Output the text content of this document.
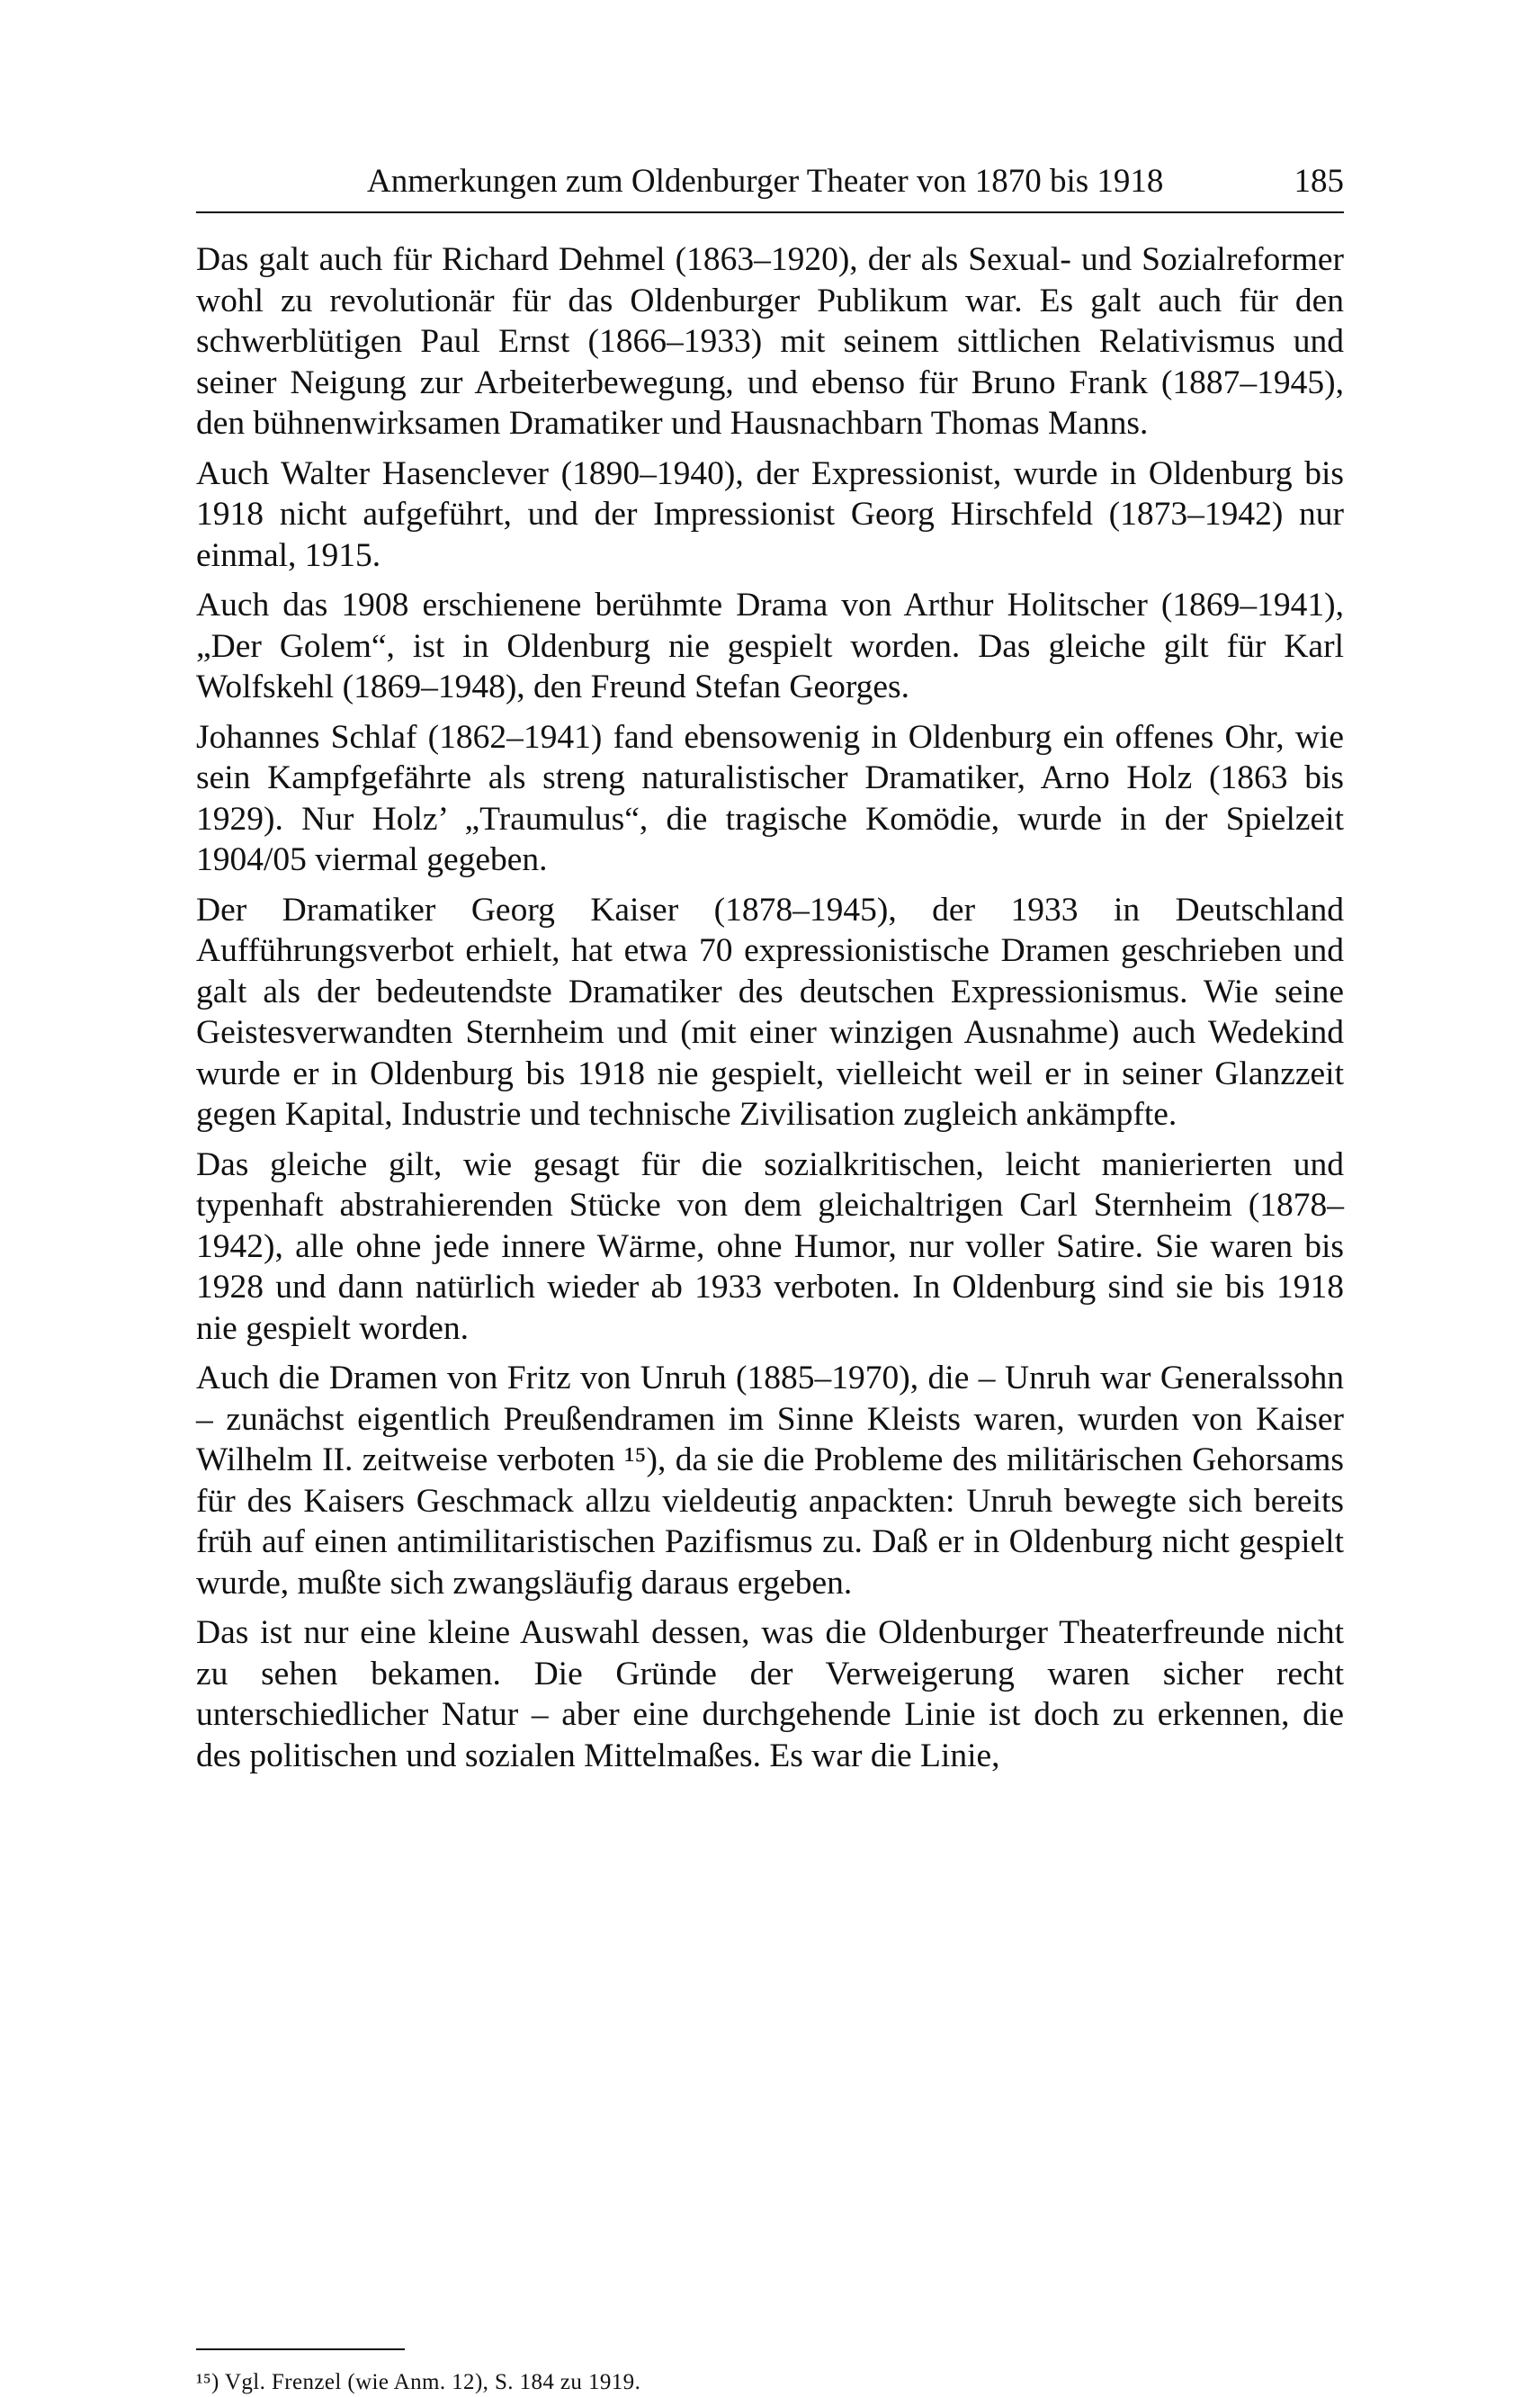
Anmerkungen zum Oldenburger Theater von 1870 bis 1918	185

Das galt auch für Richard Dehmel (1863–1920), der als Sexual- und Sozialreformer wohl zu revolutionär für das Oldenburger Publikum war. Es galt auch für den schwerblütigen Paul Ernst (1866–1933) mit seinem sittlichen Relativismus und seiner Neigung zur Arbeiterbewegung, und ebenso für Bruno Frank (1887–1945), den bühnenwirksamen Dramatiker und Hausnachbarn Thomas Manns.

Auch Walter Hasenclever (1890–1940), der Expressionist, wurde in Oldenburg bis 1918 nicht aufgeführt, und der Impressionist Georg Hirschfeld (1873–1942) nur einmal, 1915.

Auch das 1908 erschienene berühmte Drama von Arthur Holitscher (1869–1941), „Der Golem“, ist in Oldenburg nie gespielt worden. Das gleiche gilt für Karl Wolfskehl (1869–1948), den Freund Stefan Georges.

Johannes Schlaf (1862–1941) fand ebensowenig in Oldenburg ein offenes Ohr, wie sein Kampfgefährte als streng naturalistischer Dramatiker, Arno Holz (1863 bis 1929). Nur Holz’ „Traumulus“, die tragische Komödie, wurde in der Spielzeit 1904/05 viermal gegeben.

Der Dramatiker Georg Kaiser (1878–1945), der 1933 in Deutschland Aufführungsverbot erhielt, hat etwa 70 expressionistische Dramen geschrieben und galt als der bedeutendste Dramatiker des deutschen Expressionismus. Wie seine Geistesverwandten Sternheim und (mit einer winzigen Ausnahme) auch Wedekind wurde er in Oldenburg bis 1918 nie gespielt, vielleicht weil er in seiner Glanzzeit gegen Kapital, Industrie und technische Zivilisation zugleich ankämpfte.

Das gleiche gilt, wie gesagt für die sozialkritischen, leicht manierierten und typenhaft abstrahierenden Stücke von dem gleichaltrigen Carl Sternheim (1878–1942), alle ohne jede innere Wärme, ohne Humor, nur voller Satire. Sie waren bis 1928 und dann natürlich wieder ab 1933 verboten. In Oldenburg sind sie bis 1918 nie gespielt worden.

Auch die Dramen von Fritz von Unruh (1885–1970), die – Unruh war Generalssohn – zunächst eigentlich Preußendramen im Sinne Kleists waren, wurden von Kaiser Wilhelm II. zeitweise verboten ¹⁵), da sie die Probleme des militärischen Gehorsams für des Kaisers Geschmack allzu vieldeutig anpackten: Unruh bewegte sich bereits früh auf einen antimilitaristischen Pazifismus zu. Daß er in Oldenburg nicht gespielt wurde, mußte sich zwangsläufig daraus ergeben.

Das ist nur eine kleine Auswahl dessen, was die Oldenburger Theaterfreunde nicht zu sehen bekamen. Die Gründe der Verweigerung waren sicher recht unterschiedlicher Natur – aber eine durchgehende Linie ist doch zu erkennen, die des politischen und sozialen Mittelmaßes. Es war die Linie,

¹⁵) Vgl. Frenzel (wie Anm. 12), S. 184 zu 1919.
